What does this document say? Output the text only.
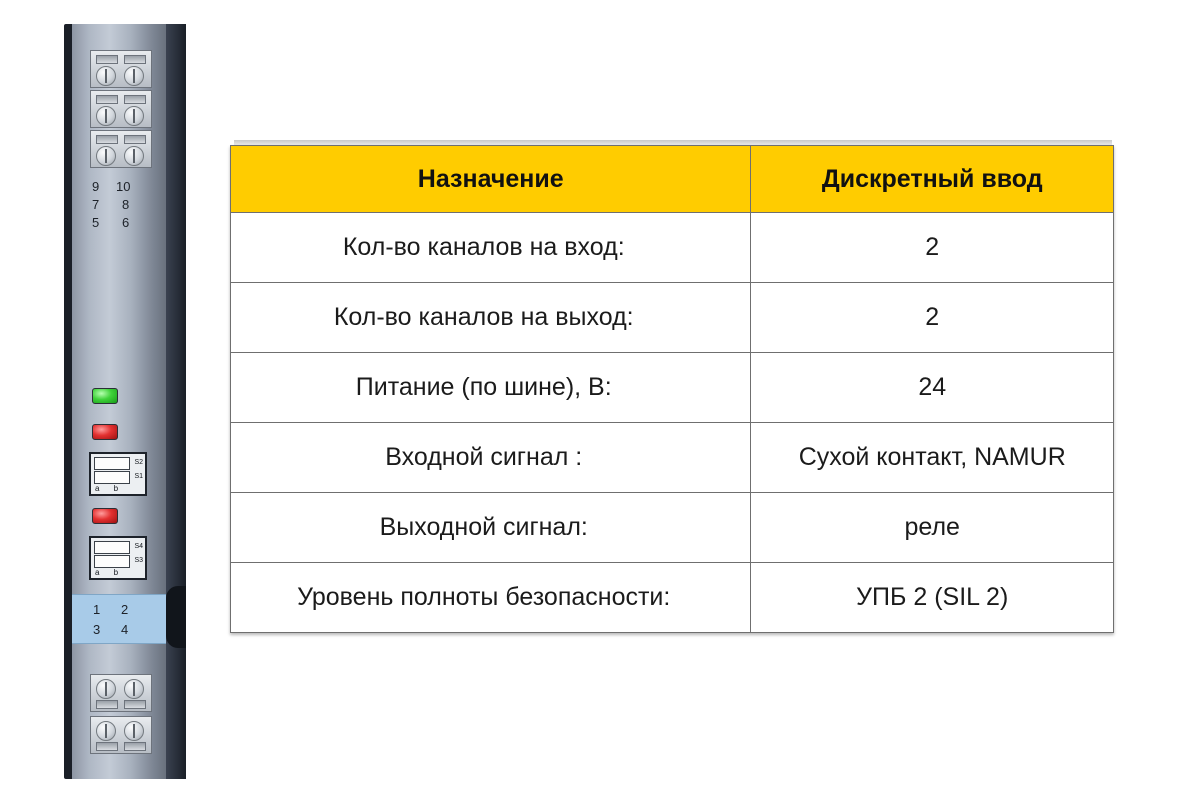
9 10
7 8
5 6
S2
S1
a b
S4
S3
a b
1 2
3 4
Назначение	Дискретный ввод
Кол-во каналов на вход:	2
Кол-во каналов на выход:	2
Питание (по шине), В:	24
Входной сигнал :	Сухой контакт, NAMUR
Выходной сигнал:	реле
Уровень полноты безопасности:	УПБ 2 (SIL 2)
